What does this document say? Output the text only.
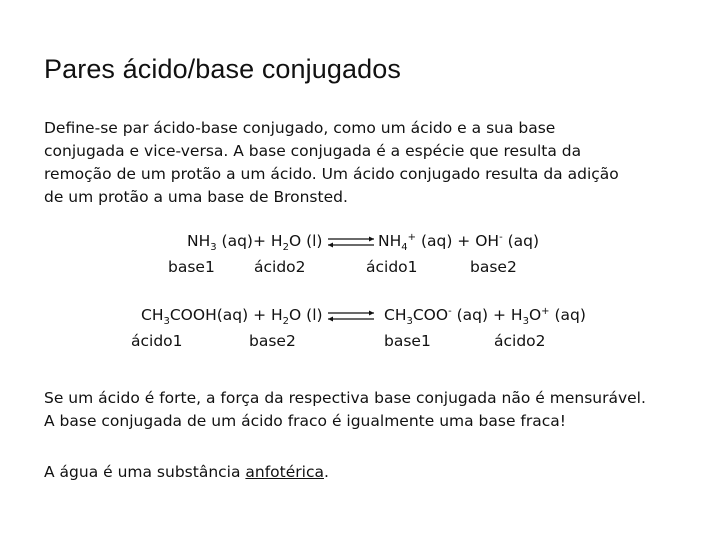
Pares ácido/base conjugados
Define-se par ácido-base conjugado, como um ácido e a sua base
conjugada e vice-versa. A base conjugada é a espécie que resulta da
remoção de um protão a um ácido. Um ácido conjugado resulta da adição
de um protão a uma base de Bronsted.
$NH_3$ $(aq)+ H_2O$ (l) ⇌ $NH_4^+$ (aq) + OH- (aq)
base1	ácido2	ácido1	base2
$CH_3COOH(aq) + H_2O$ (l) ⇌ $CH_3COO^-$ $(aq) + H_3O^+$ (aq)
ácido1	base2	base1	ácido2
Se um ácido é forte, a força da respectiva base conjugada não é mensurável.
A base conjugada de um ácido fraco é igualmente uma base fraca!
A água é uma substância anfotérica.
